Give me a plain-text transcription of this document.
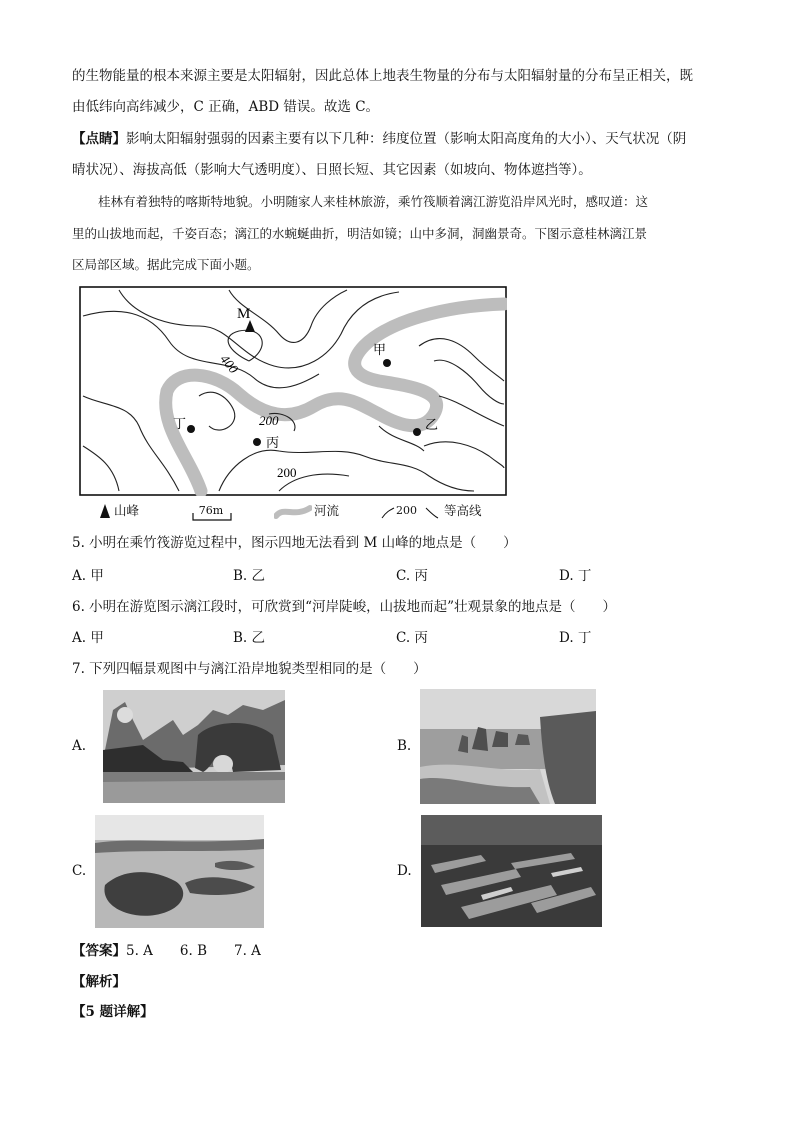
的生物能量的根本来源主要是太阳辐射，因此总体上地表生物量的分布与太阳辐射量的分布呈正相关，既
由低纬向高纬减少，C 正确，ABD 错误。故选 C。
【点睛】影响太阳辐射强弱的因素主要有以下几种：纬度位置（影响太阳高度角的大小）、天气状况（阴
晴状况）、海拔高低（影响大气透明度）、日照长短、其它因素（如坡向、物体遮挡等）。
桂林有着独特的喀斯特地貌。小明随家人来桂林旅游，乘竹筏顺着漓江游览沿岸风光时，感叹道：这
里的山拔地而起，千姿百态；漓江的水蜿蜒曲折，明洁如镜；山中多洞，洞幽景奇。下图示意桂林漓江景
区局部区域。据此完成下面小题。
M
400
200
200
甲
乙
丙
丁
山峰	76m	河流	200 等高线
5. 小明在乘竹筏游览过程中，图示四地无法看到 M 山峰的地点是（　　）
A. 甲	B. 乙	C. 丙	D. 丁
6. 小明在游览图示漓江段时，可欣赏到“河岸陡峻，山拔地而起”壮观景象的地点是（　　）
A. 甲	B. 乙	C. 丙	D. 丁
7. 下列四幅景观图中与漓江沿岸地貌类型相同的是（　　）
A.	B.
C.	D.
【答案】5. A　　6. B　　7. A
【解析】
【5 题详解】
